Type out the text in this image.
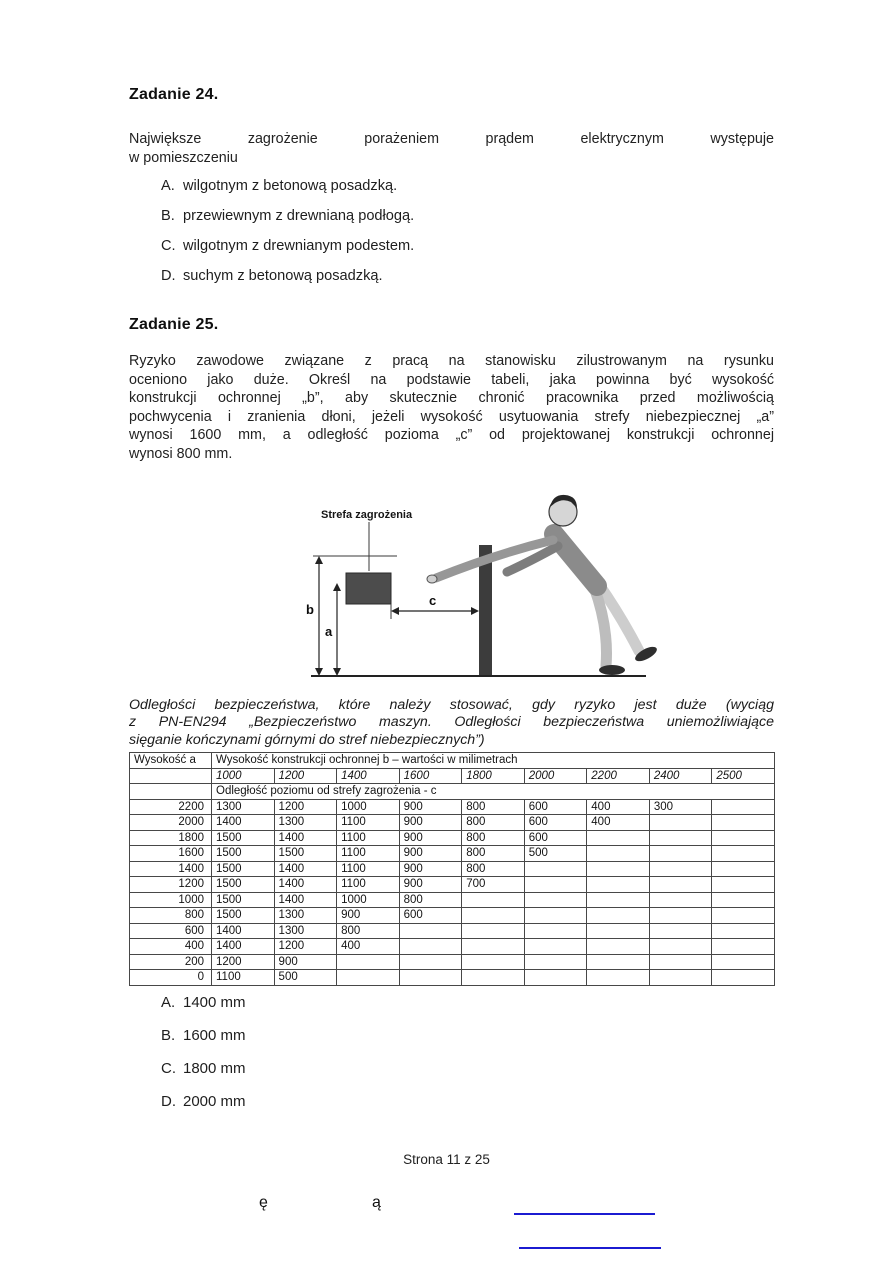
Zadanie 24.
Największe zagrożenie porażeniem prądem elektrycznym występuje
w pomieszczeniu
A. wilgotnym z betonową posadzką.
B. przewiewnym z drewnianą podłogą.
C. wilgotnym z drewnianym podestem.
D. suchym z betonową posadzką.
Zadanie 25.
Ryzyko zawodowe związane z pracą na stanowisku zilustrowanym na rysunku
oceniono jako duże. Określ na podstawie tabeli, jaka powinna być wysokość
konstrukcji ochronnej „b”, aby skutecznie chronić pracownika przed możliwością
pochwycenia i zranienia dłoni, jeżeli wysokość usytuowania strefy niebezpiecznej „a”
wynosi 1600 mm, a odległość pozioma „c” od projektowanej konstrukcji ochronnej
wynosi 800 mm.
Strefa zagrożenia
b
a
c
Odległości bezpieczeństwa, które należy stosować, gdy ryzyko jest duże (wyciąg
z PN-EN294 „Bezpieczeństwo maszyn. Odległości bezpieczeństwa uniemożliwiające
sięganie kończynami górnymi do stref niebezpiecznych”)
Wysokość a	Wysokość konstrukcji ochronnej b – wartości w milimetrach								
	1000	1200	1400	1600	1800	2000	2200	2400	2500
	Odległość poziomu od strefy zagrożenia - c								
2200	1300	1200	1000	900	800	600	400	300	
2000	1400	1300	1100	900	800	600	400		
1800	1500	1400	1100	900	800	600			
1600	1500	1500	1100	900	800	500			
1400	1500	1400	1100	900	800				
1200	1500	1400	1100	900	700				
1000	1500	1400	1000	800					
800	1500	1300	900	600					
600	1400	1300	800						
400	1400	1200	400						
200	1200	900							
0	1100	500							
A. 1400 mm
B. 1600 mm
C. 1800 mm
D. 2000 mm
Strona 11 z 25
ę	ą
